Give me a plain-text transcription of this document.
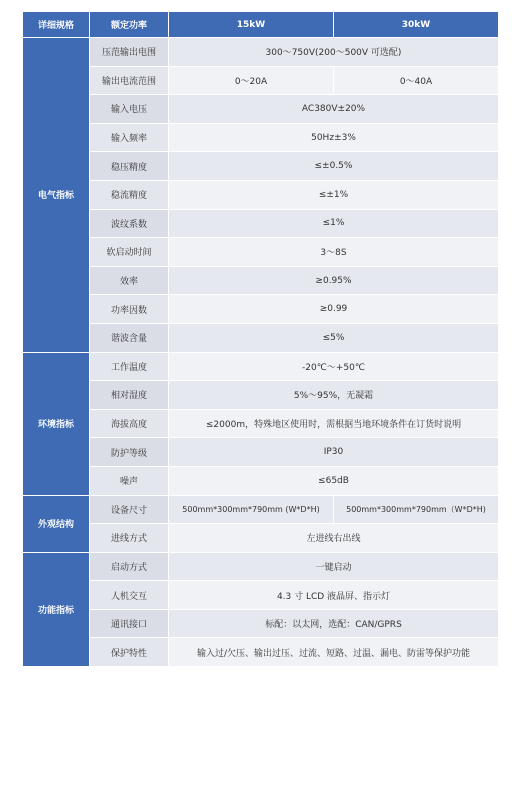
详细规格	额定功率	15kW	30kW
电气指标	压范输出电围	300～750V(200～500V 可选配)	
	输出电流范围	0～20A	0～40A
	输入电压	AC380V±20%	
	输入频率	50Hz±3%	
	稳压精度	≤±0.5%	
	稳流精度	≤±1%	
	波纹系数	≤1%	
	软启动时间	3～8S	
	效率	≥0.95%	
	功率因数	≥0.99	
	谐波含量	≤5%	
环境指标	工作温度	-20℃～+50℃	
	相对湿度	5%～95%，无凝霜	
	海拔高度	≤2000m，特殊地区使用时，需根据当地环境条件在订货时说明	
	防护等级	IP30	
	噪声	≤65dB	
外观结构	设备尺寸	500mm*300mm*790mm (W*D*H)	500mm*300mm*790mm（W*D*H)
	进线方式	左进线右出线	
功能指标	启动方式	一键启动	
	人机交互	4.3 寸 LCD 液晶屏、指示灯	
	通讯接口	标配：以太网，选配：CAN/GPRS	
	保护特性	输入过/欠压、输出过压、过流、短路、过温、漏电、防雷等保护功能	
